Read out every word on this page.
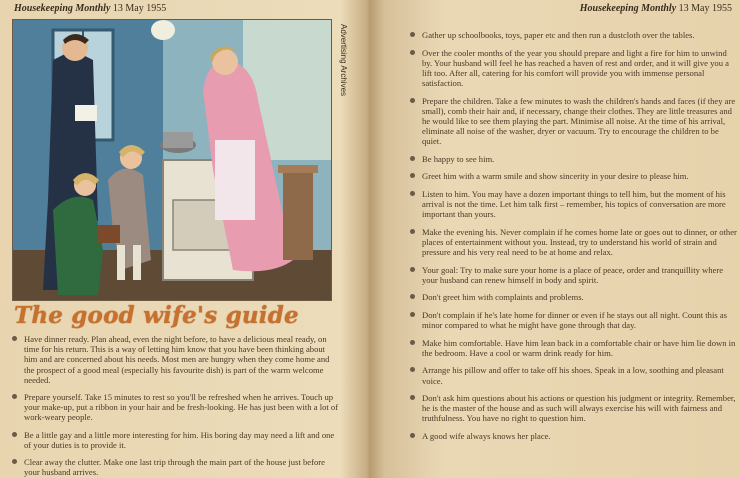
Housekeeping Monthly 13 May 1955
Advertising Archives
The good wife's guide
Have dinner ready. Plan ahead, even the night before, to have a delicious meal ready, on time for his return. This is a way of letting him know that you have been thinking about him and are concerned about his needs. Most men are hungry when they come home and the prospect of a good meal (especially his favourite dish) is part of the warm welcome needed.
Prepare yourself. Take 15 minutes to rest so you'll be refreshed when he arrives. Touch up your make-up, put a ribbon in your hair and be fresh-looking. He has just been with a lot of work-weary people.
Be a little gay and a little more interesting for him. His boring day may need a lift and one of your duties is to provide it.
Clear away the clutter. Make one last trip through the main part of the house just before your husband arrives.
Housekeeping Monthly 13 May 1955
Gather up schoolbooks, toys, paper etc and then run a dustcloth over the tables.
Over the cooler months of the year you should prepare and light a fire for him to unwind by. Your husband will feel he has reached a haven of rest and order, and it will give you a lift too. After all, catering for his comfort will provide you with immense personal satisfaction.
Prepare the children. Take a few minutes to wash the children's hands and faces (if they are small), comb their hair and, if necessary, change their clothes. They are little treasures and he would like to see them playing the part. Minimise all noise. At the time of his arrival, eliminate all noise of the washer, dryer or vacuum. Try to encourage the children to be quiet.
Be happy to see him.
Greet him with a warm smile and show sincerity in your desire to please him.
Listen to him. You may have a dozen important things to tell him, but the moment of his arrival is not the time. Let him talk first – remember, his topics of conversation are more important than yours.
Make the evening his. Never complain if he comes home late or goes out to dinner, or other places of entertainment without you. Instead, try to understand his world of strain and pressure and his very real need to be at home and relax.
Your goal: Try to make sure your home is a place of peace, order and tranquillity where your husband can renew himself in body and spirit.
Don't greet him with complaints and problems.
Don't complain if he's late home for dinner or even if he stays out all night. Count this as minor compared to what he might have gone through that day.
Make him comfortable. Have him lean back in a comfortable chair or have him lie down in the bedroom. Have a cool or warm drink ready for him.
Arrange his pillow and offer to take off his shoes. Speak in a low, soothing and pleasant voice.
Don't ask him questions about his actions or question his judgment or integrity. Remember, he is the master of the house and as such will always exercise his will with fairness and truthfulness. You have no right to question him.
A good wife always knows her place.
